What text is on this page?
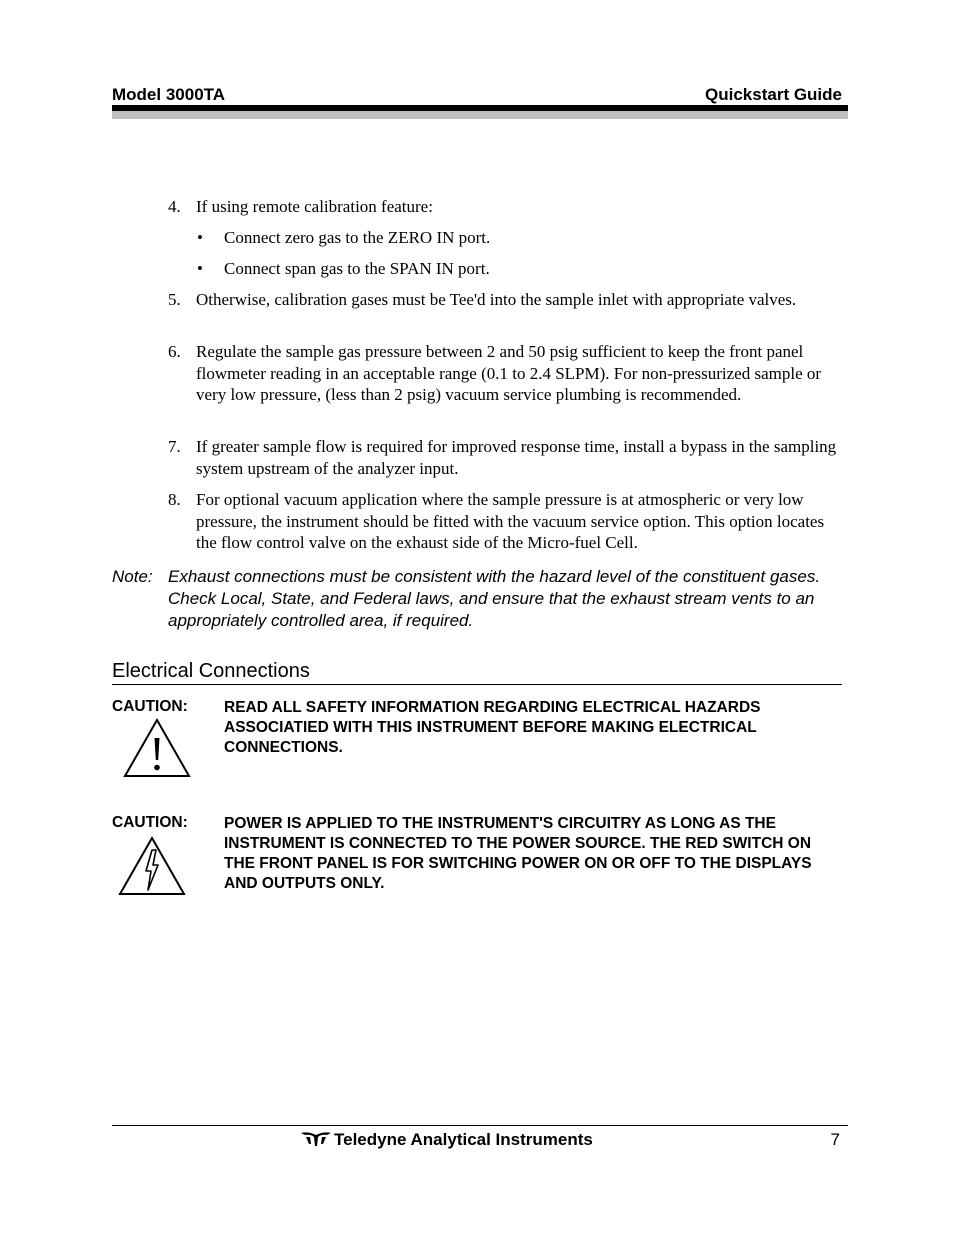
Model 3000TA	Quickstart Guide
4. If using remote calibration feature:
• Connect zero gas to the ZERO IN port.
• Connect span gas to the SPAN IN port.
5. Otherwise, calibration gases must be Tee'd into the sample inlet with appropriate valves.
6. Regulate the sample gas pressure between 2 and 50 psig sufficient to keep the front panel flowmeter reading in an acceptable range (0.1 to 2.4 SLPM). For non-pressurized sample or very low pressure, (less than 2 psig) vacuum service plumbing is recommended.
7. If greater sample flow is required for improved response time, install a bypass in the sampling system upstream of the analyzer input.
8. For optional vacuum application where the sample pressure is at atmospheric or very low pressure, the instrument should be fitted with the vacuum service option. This option locates the flow control valve on the exhaust side of the Micro-fuel Cell.
Note: Exhaust connections must be consistent with the hazard level of the constituent gases. Check Local, State, and Federal laws, and ensure that the exhaust stream vents to an appropriately controlled area, if required.
Electrical Connections
CAUTION: READ ALL SAFETY INFORMATION REGARDING ELECTRICAL HAZARDS ASSOCIATIED WITH THIS INSTRUMENT BEFORE MAKING ELECTRICAL CONNECTIONS.
CAUTION: POWER IS APPLIED TO THE INSTRUMENT'S CIRCUITRY AS LONG AS THE INSTRUMENT IS CONNECTED TO THE POWER SOURCE. THE RED SWITCH ON THE FRONT PANEL IS FOR SWITCHING POWER ON OR OFF TO THE DISPLAYS AND OUTPUTS ONLY.
Teledyne Analytical Instruments	7
